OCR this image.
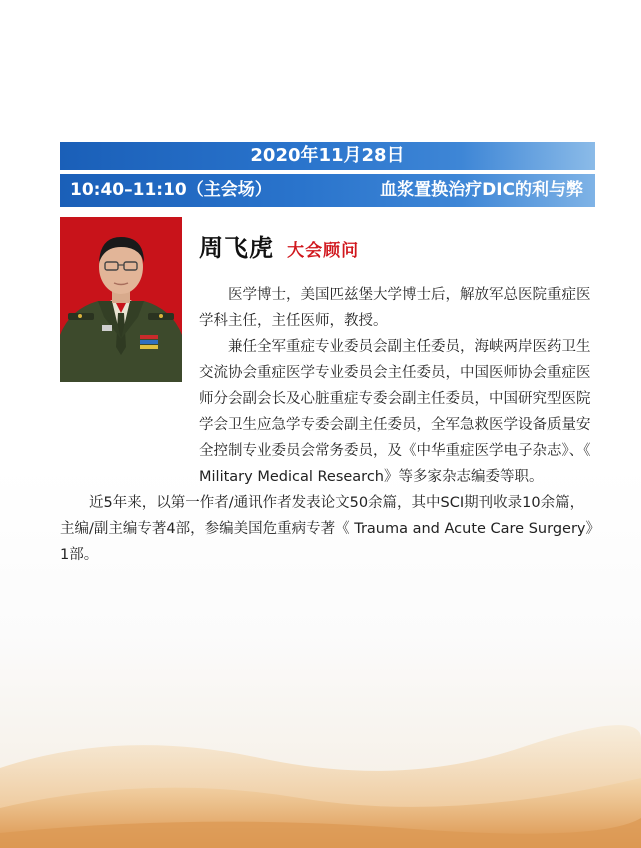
2020年11月28日
10:40–11:10（主会场）	血浆置换治疗DIC的利与弊
周飞虎 大会顾问

医学博士，美国匹兹堡大学博士后，解放军总医院重症医学科主任，主任医师，教授。

兼任全军重症专业委员会副主任委员，海峡两岸医药卫生交流协会重症医学专业委员会主任委员，中国医师协会重症医师分会副会长及心脏重症专委会副主任委员，中国研究型医院学会卫生应急学专委会副主任委员，全军急救医学设备质量安全控制专业委员会常务委员，及《中华重症医学电子杂志》、《 Military Medical Research》等多家杂志编委等职。

近5年来，以第一作者/通讯作者发表论文50余篇，其中SCI期刊收录10余篇，主编/副主编专著4部，参编美国危重病专著《 Trauma and Acute Care Surgery》1部。
